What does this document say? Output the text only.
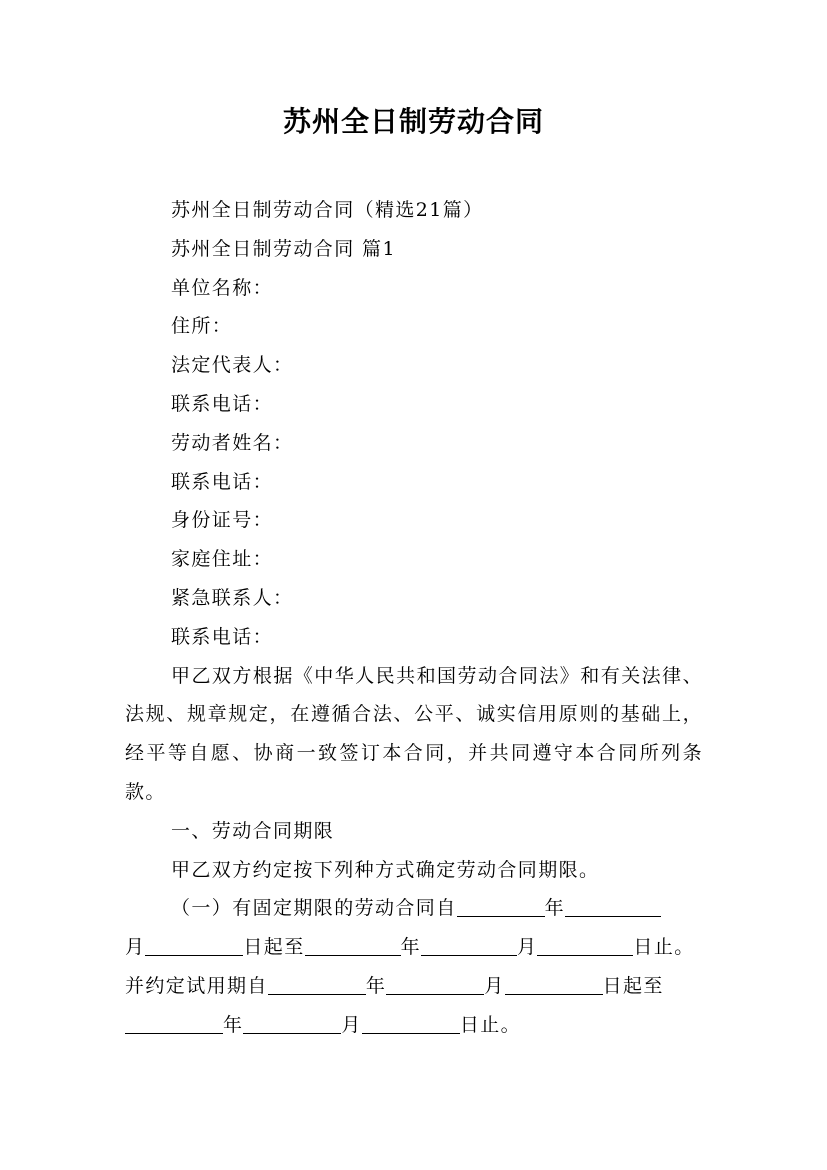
苏州全日制劳动合同
苏州全日制劳动合同（精选21篇）
苏州全日制劳动合同 篇1
单位名称：
住所：
法定代表人：
联系电话：
劳动者姓名：
联系电话：
身份证号：
家庭住址：
紧急联系人：
联系电话：
甲乙双方根据《中华人民共和国劳动合同法》和有关法律、法规、规章规定，在遵循合法、公平、诚实信用原则的基础上，经平等自愿、协商一致签订本合同，并共同遵守本合同所列条款。
一、劳动合同期限
甲乙双方约定按下列种方式确定劳动合同期限。
（一）有固定期限的劳动合同自	年
月	日起至	年	月	日止。
并约定试用期自	年	月	日起至
年	月	日止。
